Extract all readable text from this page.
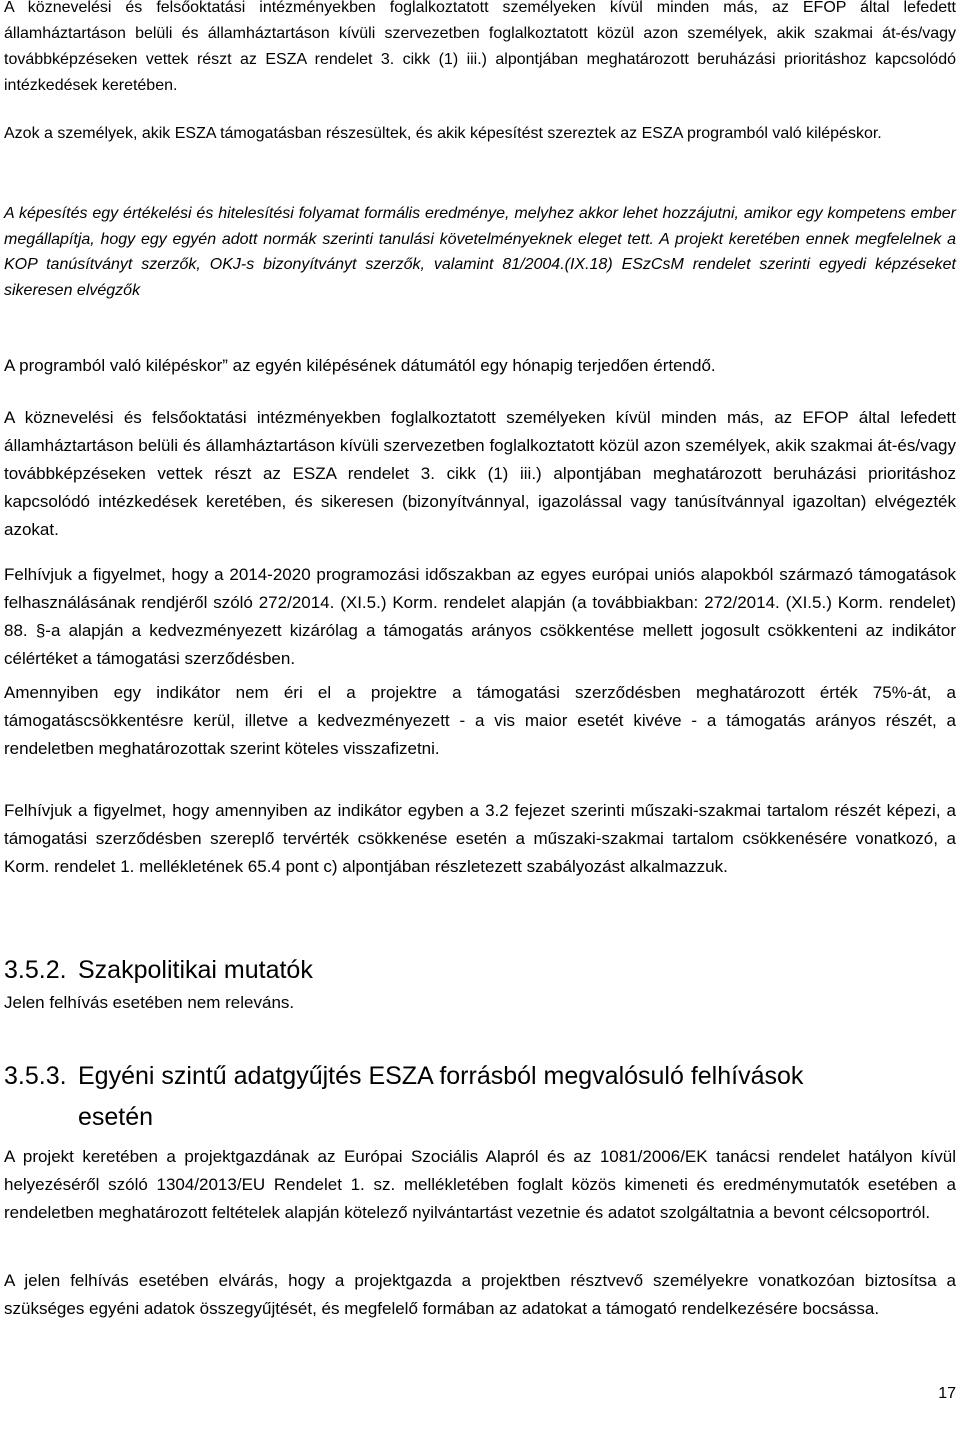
A köznevelési és felsőoktatási intézményekben foglalkoztatott személyeken kívül minden más, az EFOP által lefedett államháztartáson belüli és államháztartáson kívüli szervezetben foglalkoztatott közül azon személyek, akik szakmai át-és/vagy továbbképzéseken vettek részt az ESZA rendelet 3. cikk (1) iii.) alpontjában meghatározott beruházási prioritáshoz kapcsolódó intézkedések keretében.

Azok a személyek, akik ESZA támogatásban részesültek, és akik képesítést szereztek az ESZA programból való kilépéskor.

A képesítés egy értékelési és hitelesítési folyamat formális eredménye, melyhez akkor lehet hozzájutni, amikor egy kompetens ember megállapítja, hogy egy egyén adott normák szerinti tanulási követelményeknek eleget tett. A projekt keretében ennek megfelelnek a KOP tanúsítványt szerzők, OKJ-s bizonyítványt szerzők, valamint 81/2004.(IX.18) ESzCsM rendelet szerinti egyedi képzéseket sikeresen elvégzők

A programból való kilépéskor” az egyén kilépésének dátumától egy hónapig terjedően értendő.

A köznevelési és felsőoktatási intézményekben foglalkoztatott személyeken kívül minden más, az EFOP által lefedett államháztartáson belüli és államháztartáson kívüli szervezetben foglalkoztatott közül azon személyek, akik szakmai át-és/vagy továbbképzéseken vettek részt az ESZA rendelet 3. cikk (1) iii.) alpontjában meghatározott beruházási prioritáshoz kapcsolódó intézkedések keretében, és sikeresen (bizonyítvánnyal, igazolással vagy tanúsítvánnyal igazoltan) elvégezték azokat.

Felhívjuk a figyelmet, hogy a 2014-2020 programozási időszakban az egyes európai uniós alapokból származó támogatások felhasználásának rendjéről szóló 272/2014. (XI.5.) Korm. rendelet alapján (a továbbiakban: 272/2014. (XI.5.) Korm. rendelet) 88. §-a alapján a kedvezményezett kizárólag a támogatás arányos csökkentése mellett jogosult csökkenteni az indikátor célértéket a támogatási szerződésben.

Amennyiben egy indikátor nem éri el a projektre a támogatási szerződésben meghatározott érték 75%-át, a támogatáscsökkentésre kerül, illetve a kedvezményezett - a vis maior esetét kivéve - a támogatás arányos részét, a rendeletben meghatározottak szerint köteles visszafizetni.

Felhívjuk a figyelmet, hogy amennyiben az indikátor egyben a 3.2 fejezet szerinti műszaki-szakmai tartalom részét képezi, a támogatási szerződésben szereplő tervérték csökkenése esetén a műszaki-szakmai tartalom csökkenésére vonatkozó, a Korm. rendelet 1. mellékletének 65.4 pont c) alpontjában részletezett szabályozást alkalmazzuk.

3.5.2. Szakpolitikai mutatók

Jelen felhívás esetében nem releváns.

3.5.3. Egyéni szintű adatgyűjtés ESZA forrásból megvalósuló felhívások
esetén

A projekt keretében a projektgazdának az Európai Szociális Alapról és az 1081/2006/EK tanácsi rendelet hatályon kívül helyezéséről szóló 1304/2013/EU Rendelet 1. sz. mellékletében foglalt közös kimeneti és eredménymutatók esetében a rendeletben meghatározott feltételek alapján kötelező nyilvántartást vezetnie és adatot szolgáltatnia a bevont célcsoportról.

A jelen felhívás esetében elvárás, hogy a projektgazda a projektben résztvevő személyekre vonatkozóan biztosítsa a szükséges egyéni adatok összegyűjtését, és megfelelő formában az adatokat a támogató rendelkezésére bocsássa.

17
